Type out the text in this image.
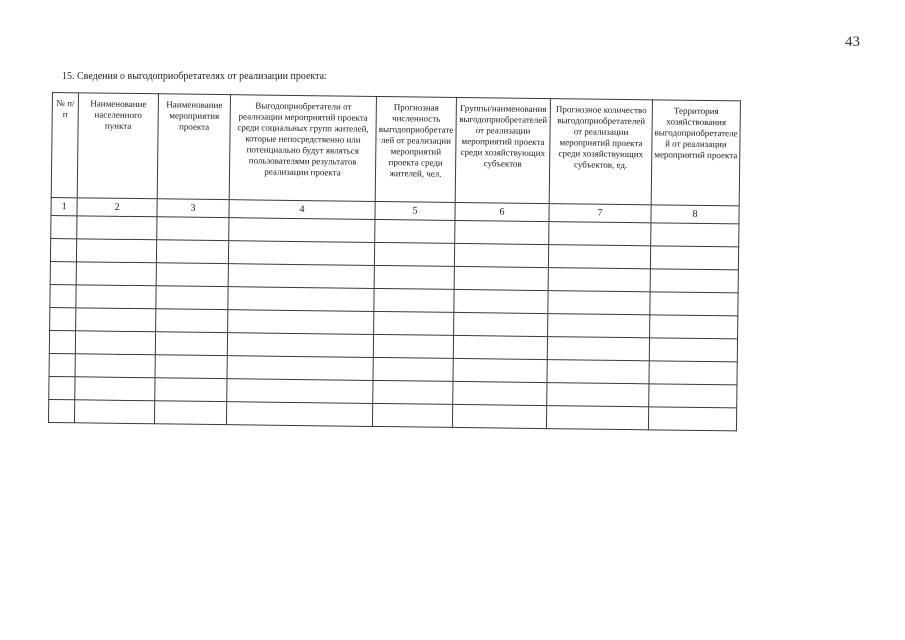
43
15. Сведения о выгодоприобретателях от реализации проекта:
№ п/п	Наименование населенного пункта	Наименование мероприятия проекта	Выгодоприобретатели от реализации мероприятий проекта среди социальных групп жителей, которые непосредственно или потенциально будут являться пользователями результатов реализации проекта	Прогнозная численность выгодоприобретателей от реализации мероприятий проекта среди жителей, чел.	Группы/наименования выгодоприобретателей от реализации мероприятий проекта среди хозяйствующих субъектов	Прогнозное количество выгодоприобретателей от реализации мероприятий проекта среди хозяйствующих субъектов, ед.	Территория хозяйствования выгодоприобретателей от реализации мероприятий проекта
1	2	3	4	5	6	7	8
